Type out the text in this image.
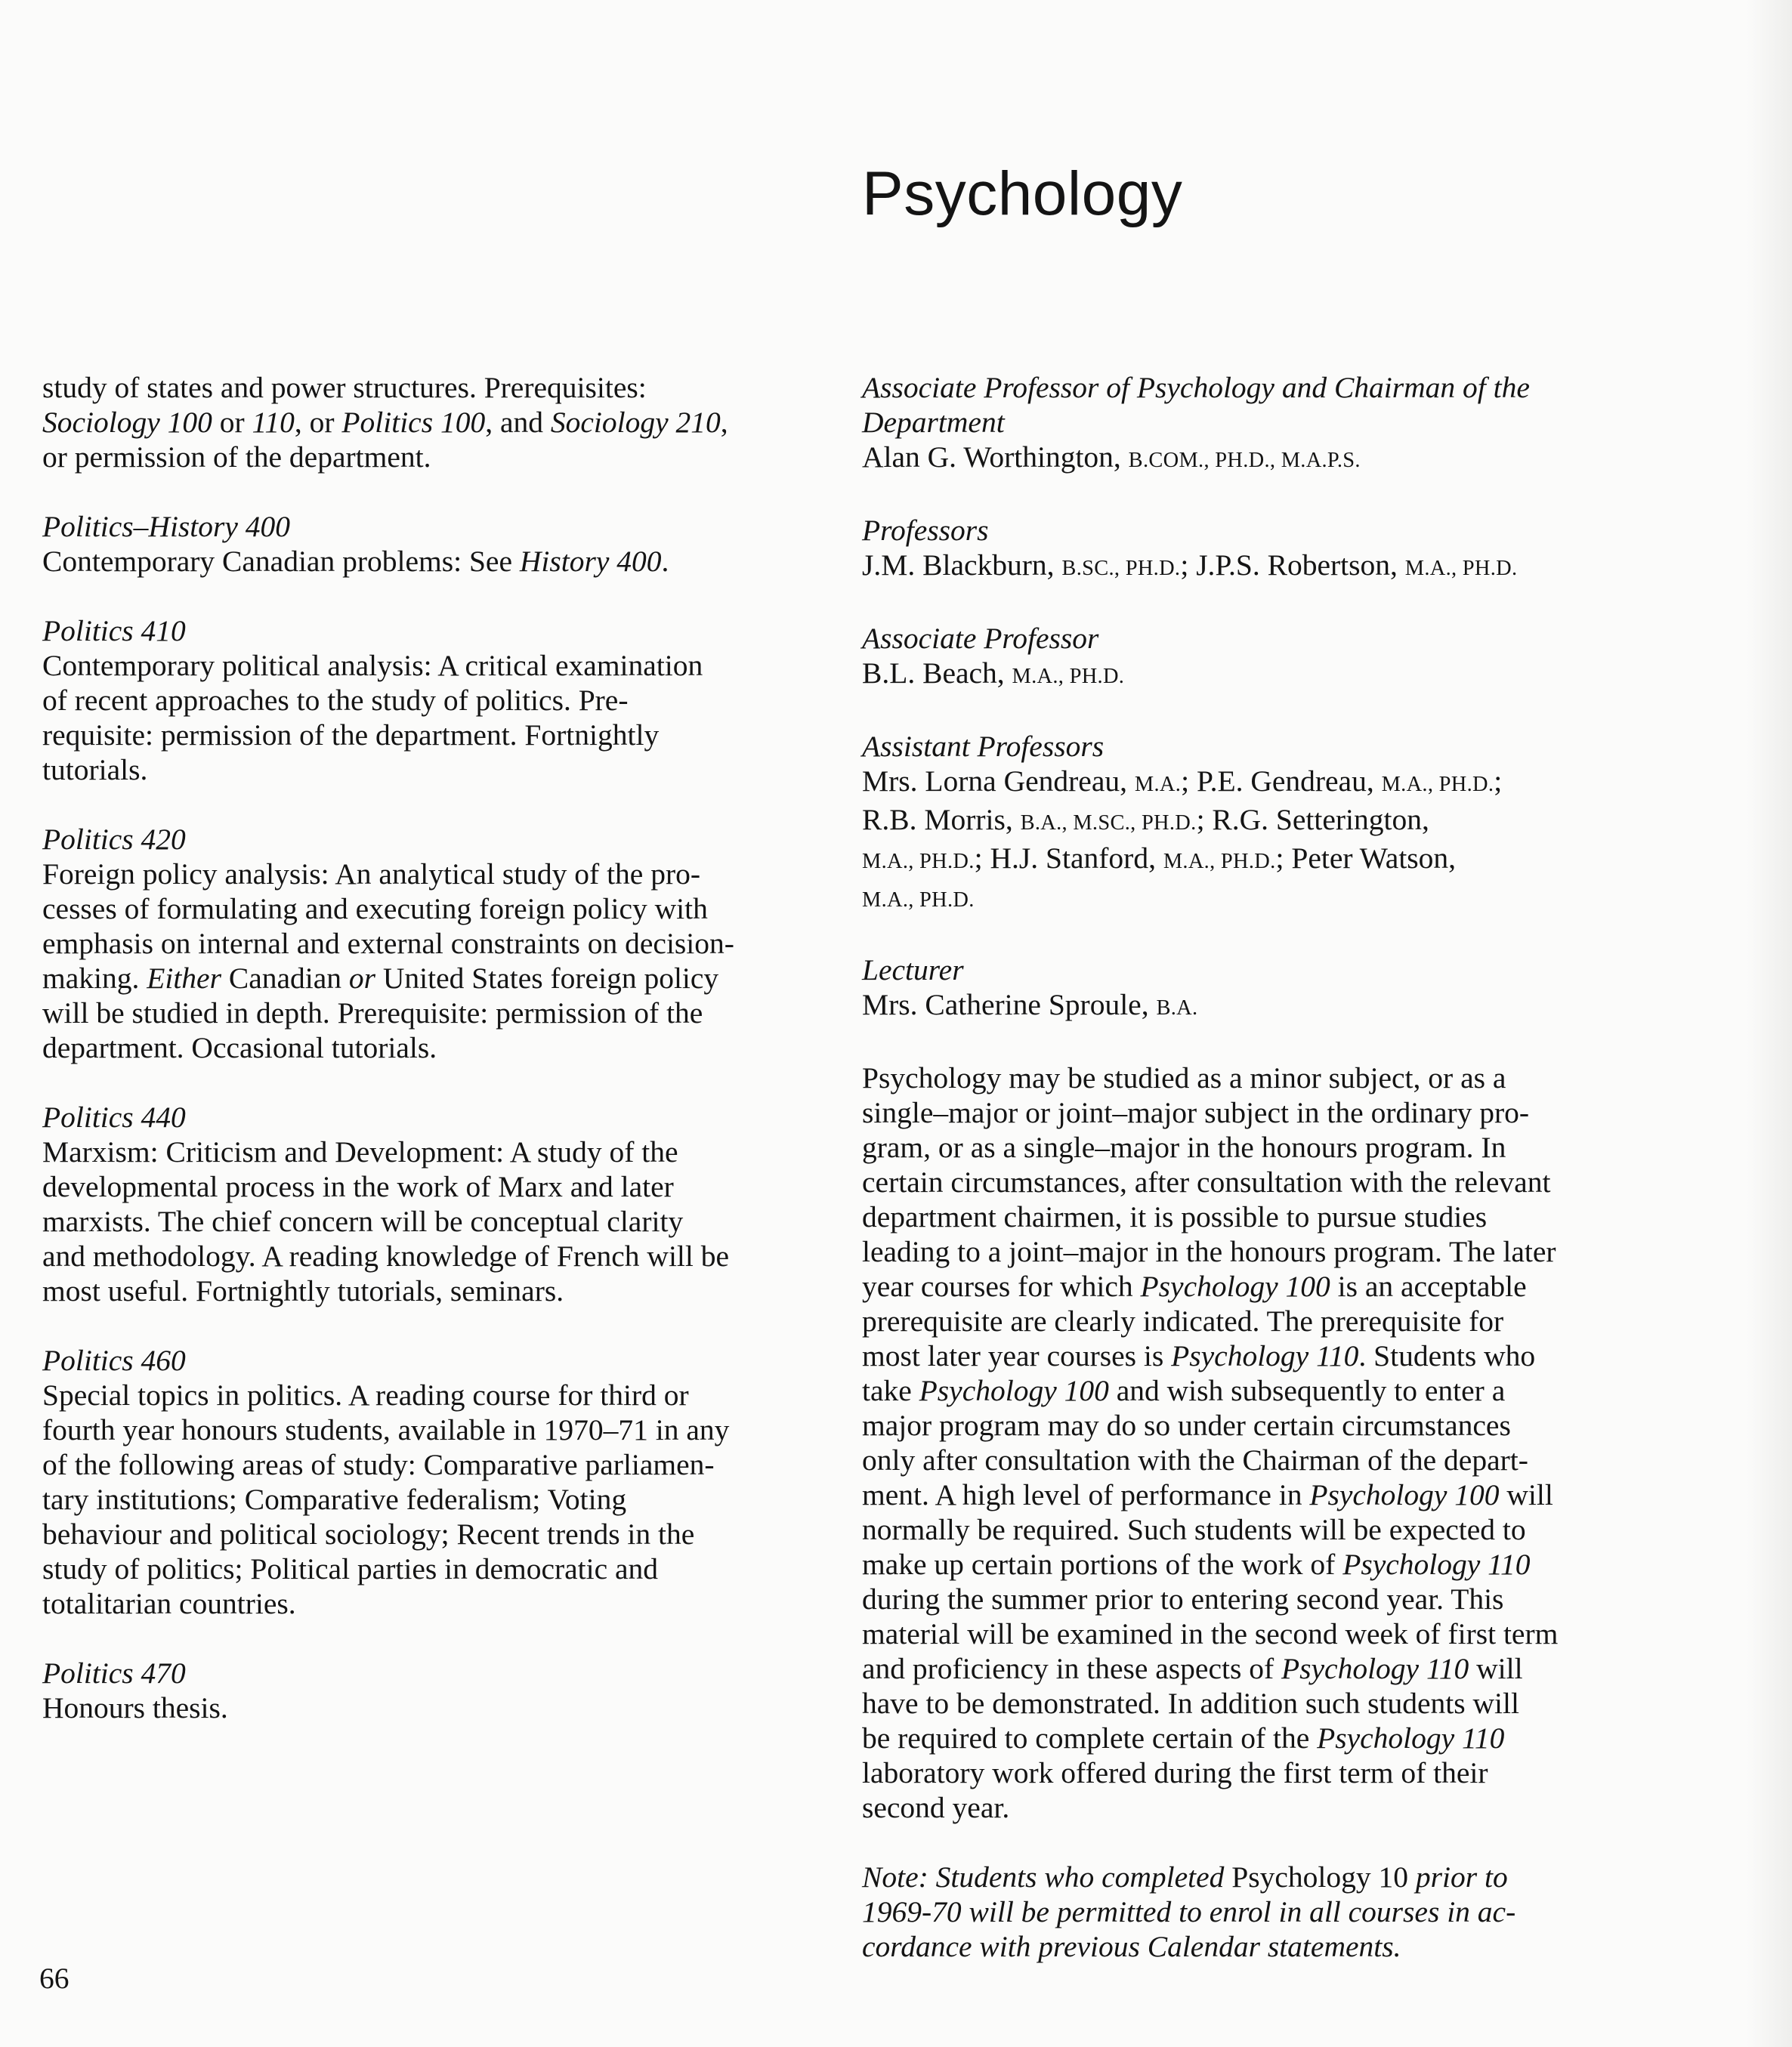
Psychology

study of states and power structures. Prerequisites:
Sociology 100 or 110, or Politics 100, and Sociology 210,
or permission of the department.

Politics–History 400
Contemporary Canadian problems: See History 400.
Politics 410
Contemporary political analysis: A critical examination
of recent approaches to the study of politics. Pre-
requisite: permission of the department. Fortnightly
tutorials.
Politics 420
Foreign policy analysis: An analytical study of the pro-
cesses of formulating and executing foreign policy with
emphasis on internal and external constraints on decision-
making. Either Canadian or United States foreign policy
will be studied in depth. Prerequisite: permission of the
department. Occasional tutorials.
Politics 440
Marxism: Criticism and Development: A study of the
developmental process in the work of Marx and later
marxists. The chief concern will be conceptual clarity
and methodology. A reading knowledge of French will be
most useful. Fortnightly tutorials, seminars.
Politics 460
Special topics in politics. A reading course for third or
fourth year honours students, available in 1970–71 in any
of the following areas of study: Comparative parliamen-
tary institutions; Comparative federalism; Voting
behaviour and political sociology; Recent trends in the
study of politics; Political parties in democratic and
totalitarian countries.
Politics 470
Honours thesis.
Associate Professor of Psychology and Chairman of the
Department
Alan G. Worthington, B.COM., PH.D., M.A.P.S.
Professors
J.M. Blackburn, B.SC., PH.D.; J.P.S. Robertson, M.A., PH.D.
Associate Professor
B.L. Beach, M.A., PH.D.
Assistant Professors
Mrs. Lorna Gendreau, M.A.; P.E. Gendreau, M.A., PH.D.;
R.B. Morris, B.A., M.SC., PH.D.; R.G. Setterington,
M.A., PH.D.; H.J. Stanford, M.A., PH.D.; Peter Watson,
M.A., PH.D.
Lecturer
Mrs. Catherine Sproule, B.A.
Psychology may be studied as a minor subject, or as a
single–major or joint–major subject in the ordinary pro-
gram, or as a single–major in the honours program. In
certain circumstances, after consultation with the relevant
department chairmen, it is possible to pursue studies
leading to a joint–major in the honours program. The later
year courses for which Psychology 100 is an acceptable
prerequisite are clearly indicated. The prerequisite for
most later year courses is Psychology 110. Students who
take Psychology 100 and wish subsequently to enter a
major program may do so under certain circumstances
only after consultation with the Chairman of the depart-
ment. A high level of performance in Psychology 100 will
normally be required. Such students will be expected to
make up certain portions of the work of Psychology 110
during the summer prior to entering second year. This
material will be examined in the second week of first term
and proficiency in these aspects of Psychology 110 will
have to be demonstrated. In addition such students will
be required to complete certain of the Psychology 110
laboratory work offered during the first term of their
second year.
Note: Students who completed Psychology 10 prior to
1969-70 will be permitted to enrol in all courses in ac-
cordance with previous Calendar statements.
66
